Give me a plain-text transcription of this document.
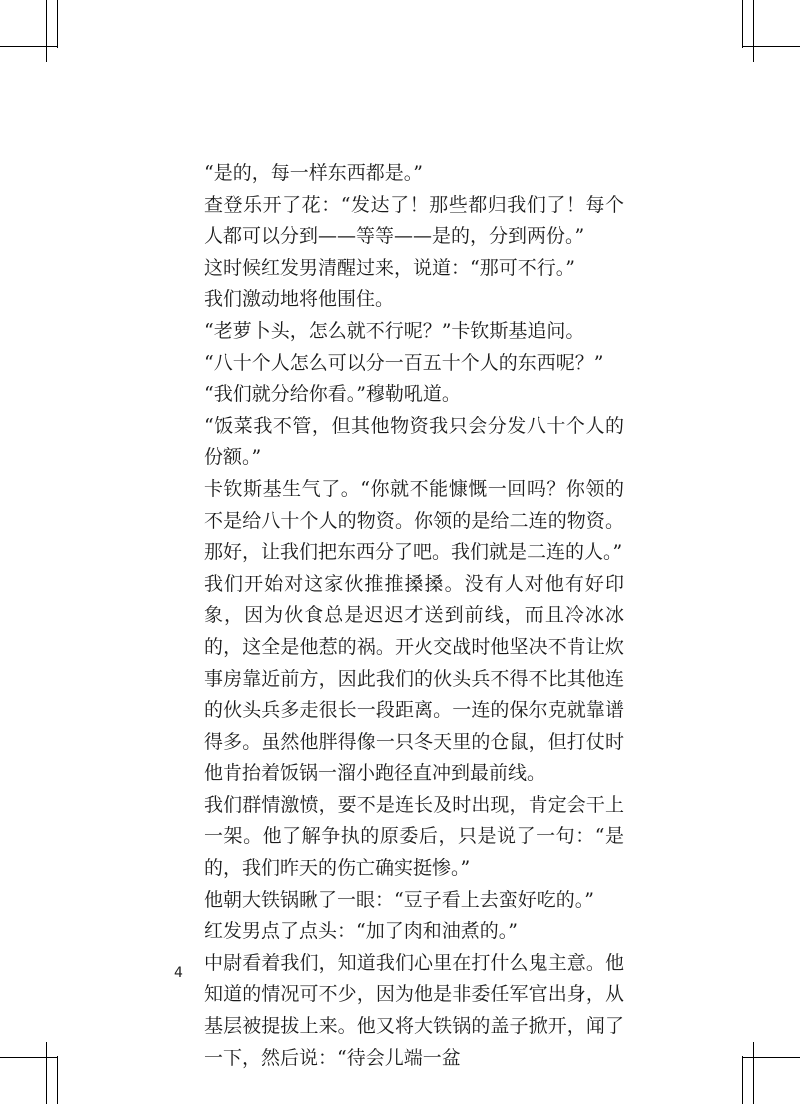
“是的，每一样东西都是。”

查登乐开了花：“发达了！那些都归我们了！每个人都可以分到——等等——是的，分到两份。”

这时候红发男清醒过来，说道：“那可不行。”

我们激动地将他围住。

“老萝卜头，怎么就不行呢？”卡钦斯基追问。

“八十个人怎么可以分一百五十个人的东西呢？”

“我们就分给你看。”穆勒吼道。

“饭菜我不管，但其他物资我只会分发八十个人的份额。”

卡钦斯基生气了。“你就不能慷慨一回吗？你领的不是给八十个人的物资。你领的是给二连的物资。那好，让我们把东西分了吧。我们就是二连的人。”

我们开始对这家伙推推搡搡。没有人对他有好印象，因为伙食总是迟迟才送到前线，而且冷冰冰的，这全是他惹的祸。开火交战时他坚决不肯让炊事房靠近前方，因此我们的伙头兵不得不比其他连的伙头兵多走很长一段距离。一连的保尔克就靠谱得多。虽然他胖得像一只冬天里的仓鼠，但打仗时他肯抬着饭锅一溜小跑径直冲到最前线。

我们群情激愤，要不是连长及时出现，肯定会干上一架。他了解争执的原委后，只是说了一句：“是的，我们昨天的伤亡确实挺惨。”

他朝大铁锅瞅了一眼：“豆子看上去蛮好吃的。”

红发男点了点头：“加了肉和油煮的。”

中尉看着我们，知道我们心里在打什么鬼主意。他知道的情况可不少，因为他是非委任军官出身，从基层被提拔上来。他又将大铁锅的盖子掀开，闻了一下，然后说：“待会儿端一盆

4
